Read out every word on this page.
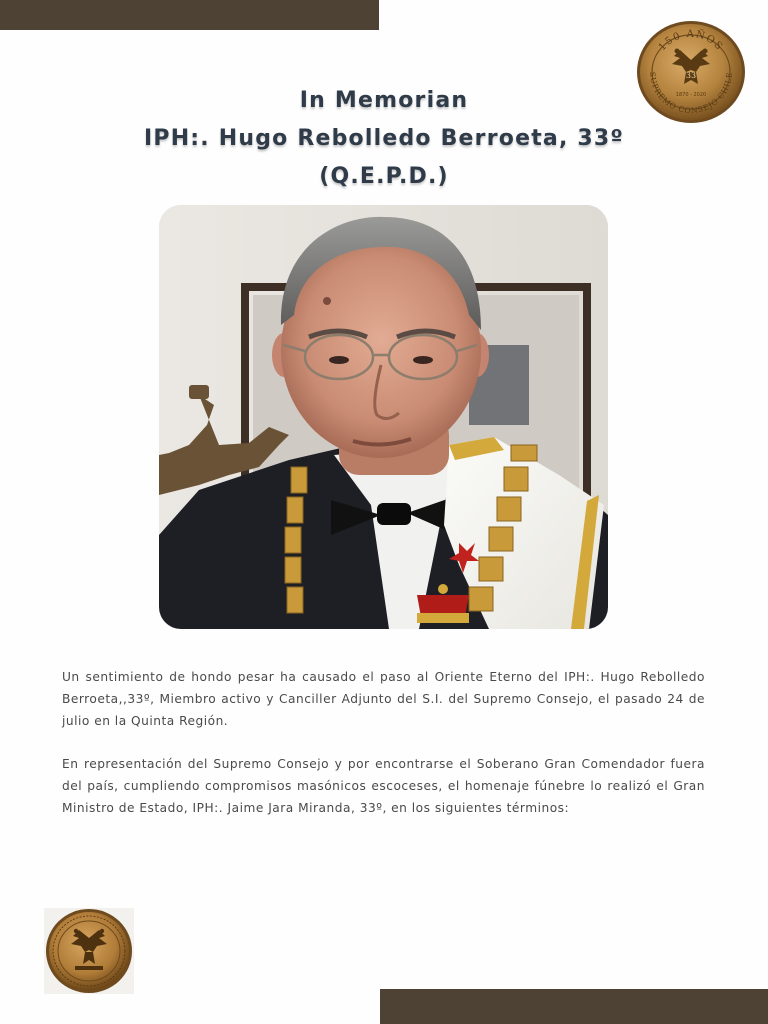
150 AÑOS
SUPREMO CONSEJO CHILE
33
1870 - 2020
In Memorian
IPH:. Hugo Rebolledo Berroeta, 33º
(Q.E.P.D.)

Un sentimiento de hondo pesar ha causado el paso al Oriente Eterno del IPH:. Hugo Rebolledo Berroeta,,33º, Miembro activo y Canciller Adjunto del S.I. del Supremo Consejo, el pasado 24 de julio en la Quinta Región.

En representación del Supremo Consejo y por encontrarse el Soberano Gran Comendador fuera del país, cumpliendo compromisos masónicos escoceses, el homenaje fúnebre lo realizó el Gran Ministro de Estado, IPH:. Jaime Jara Miranda, 33º, en los siguientes términos:
